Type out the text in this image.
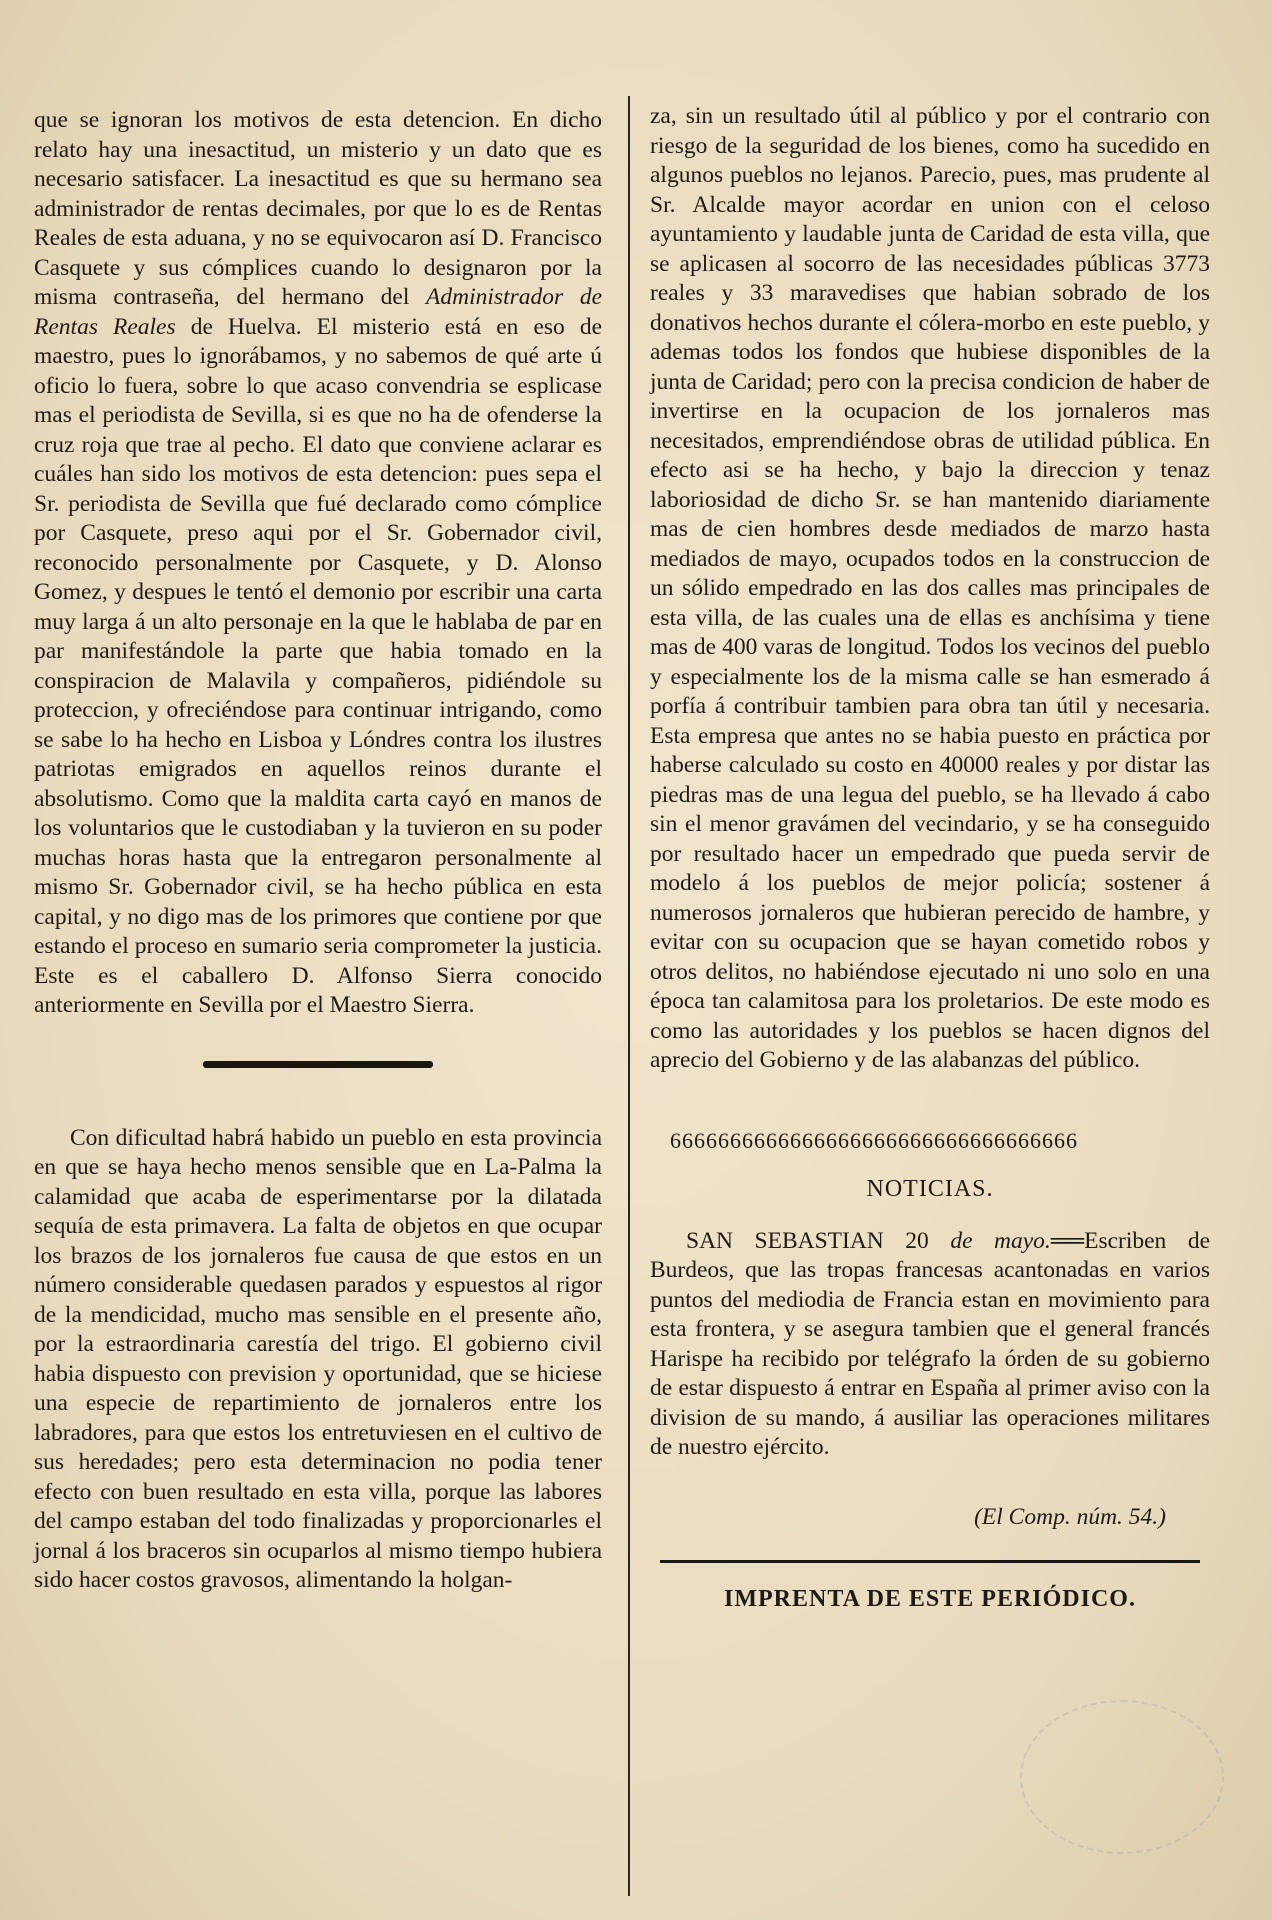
que se ignoran los motivos de esta detencion. En dicho relato hay una inesactitud, un misterio y un dato que es necesario satisfacer. La inesactitud es que su hermano sea administrador de rentas decimales, por que lo es de Rentas Reales de esta aduana, y no se equivocaron así D. Francisco Casquete y sus cómplices cuando lo designaron por la misma contraseña, del hermano del Administrador de Rentas Reales de Huelva. El misterio está en eso de maestro, pues lo ignorábamos, y no sabemos de qué arte ú oficio lo fuera, sobre lo que acaso convendria se esplicase mas el periodista de Sevilla, si es que no ha de ofenderse la cruz roja que trae al pecho. El dato que conviene aclarar es cuáles han sido los motivos de esta detencion: pues sepa el Sr. periodista de Sevilla que fué declarado como cómplice por Casquete, preso aqui por el Sr. Gobernador civil, reconocido personalmente por Casquete, y D. Alonso Gomez, y despues le tentó el demonio por escribir una carta muy larga á un alto personaje en la que le hablaba de par en par manifestándole la parte que habia tomado en la conspiracion de Malavila y compañeros, pidiéndole su proteccion, y ofreciéndose para continuar intrigando, como se sabe lo ha hecho en Lisboa y Lóndres contra los ilustres patriotas emigrados en aquellos reinos durante el absolutismo. Como que la maldita carta cayó en manos de los voluntarios que le custodiaban y la tuvieron en su poder muchas horas hasta que la entregaron personalmente al mismo Sr. Gobernador civil, se ha hecho pública en esta capital, y no digo mas de los primores que contiene por que estando el proceso en sumario seria comprometer la justicia. Este es el caballero D. Alfonso Sierra conocido anteriormente en Sevilla por el Maestro Sierra.

Con dificultad habrá habido un pueblo en esta provincia en que se haya hecho menos sensible que en La-Palma la calamidad que acaba de esperimentarse por la dilatada sequía de esta primavera. La falta de objetos en que ocupar los brazos de los jornaleros fue causa de que estos en un número considerable quedasen parados y espuestos al rigor de la mendicidad, mucho mas sensible en el presente año, por la estraordinaria carestía del trigo. El gobierno civil habia dispuesto con prevision y oportunidad, que se hiciese una especie de repartimiento de jornaleros entre los labradores, para que estos los entretuviesen en el cultivo de sus heredades; pero esta determinacion no podia tener efecto con buen resultado en esta villa, porque las labores del campo estaban del todo finalizadas y proporcionarles el jornal á los braceros sin ocuparlos al mismo tiempo hubiera sido hacer costos gravosos, alimentando la holgan-

za, sin un resultado útil al público y por el contrario con riesgo de la seguridad de los bienes, como ha sucedido en algunos pueblos no lejanos. Parecio, pues, mas prudente al Sr. Alcalde mayor acordar en union con el celoso ayuntamiento y laudable junta de Caridad de esta villa, que se aplicasen al socorro de las necesidades públicas 3773 reales y 33 maravedises que habian sobrado de los donativos hechos durante el cólera-morbo en este pueblo, y ademas todos los fondos que hubiese disponibles de la junta de Caridad; pero con la precisa condicion de haber de invertirse en la ocupacion de los jornaleros mas necesitados, emprendiéndose obras de utilidad pública. En efecto asi se ha hecho, y bajo la direccion y tenaz laboriosidad de dicho Sr. se han mantenido diariamente mas de cien hombres desde mediados de marzo hasta mediados de mayo, ocupados todos en la construccion de un sólido empedrado en las dos calles mas principales de esta villa, de las cuales una de ellas es anchísima y tiene mas de 400 varas de longitud. Todos los vecinos del pueblo y especialmente los de la misma calle se han esmerado á porfía á contribuir tambien para obra tan útil y necesaria. Esta empresa que antes no se habia puesto en práctica por haberse calculado su costo en 40000 reales y por distar las piedras mas de una legua del pueblo, se ha llevado á cabo sin el menor gravámen del vecindario, y se ha conseguido por resultado hacer un empedrado que pueda servir de modelo á los pueblos de mejor policía; sostener á numerosos jornaleros que hubieran perecido de hambre, y evitar con su ocupacion que se hayan cometido robos y otros delitos, no habiéndose ejecutado ni uno solo en una época tan calamitosa para los proletarios. De este modo es como las autoridades y los pueblos se hacen dignos del aprecio del Gobierno y de las alabanzas del público.

6666666666666666666666666666666666
NOTICIAS.

SAN SEBASTIAN 20 de mayo.══Escriben de Burdeos, que las tropas francesas acantonadas en varios puntos del mediodia de Francia estan en movimiento para esta frontera, y se asegura tambien que el general francés Harispe ha recibido por telégrafo la órden de su gobierno de estar dispuesto á entrar en España al primer aviso con la division de su mando, á ausiliar las operaciones militares de nuestro ejército.

(El Comp. núm. 54.)
IMPRENTA DE ESTE PERIÓDICO.
